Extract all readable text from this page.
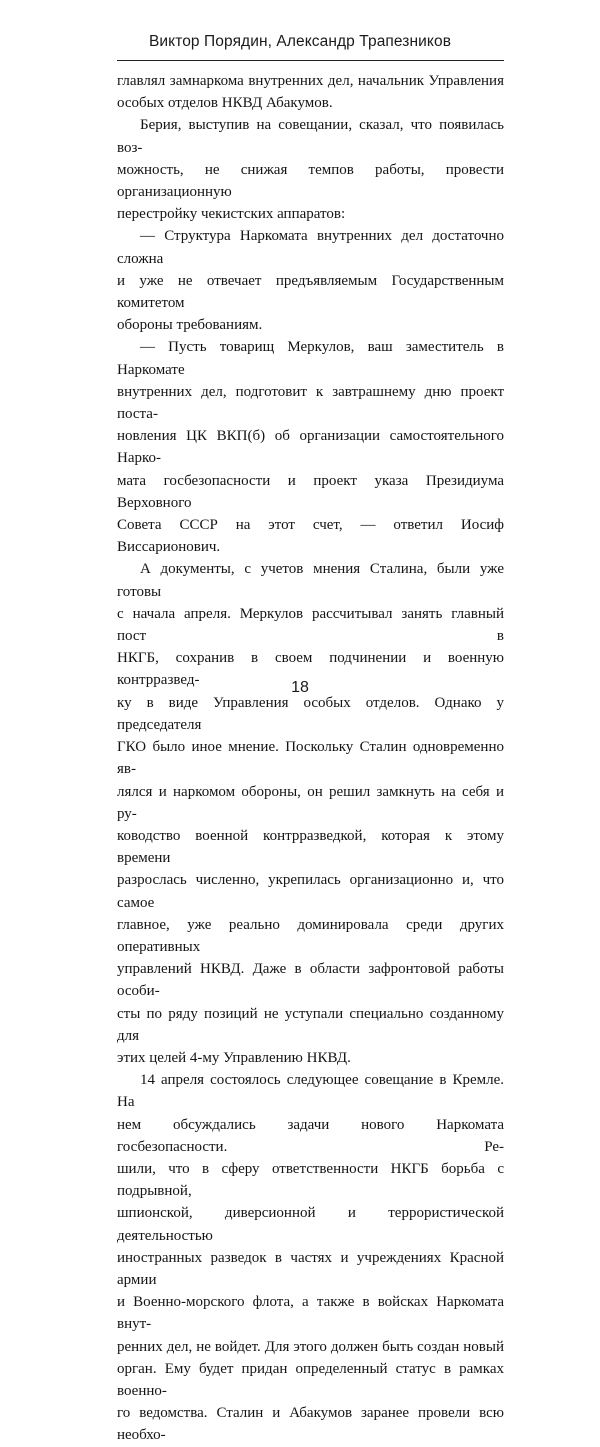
Виктор Порядин, Александр Трапезников

главлял замнаркома внутренних дел, начальник Управления

особых отделов НКВД Абакумов.

Берия, выступив на совещании, сказал, что появилась воз-

можность, не снижая темпов работы, провести организационную

перестройку чекистских аппаратов:

— Структура Наркомата внутренних дел достаточно сложна

и уже не отвечает предъявляемым Государственным комитетом

обороны требованиям.

— Пусть товарищ Меркулов, ваш заместитель в Наркомате

внутренних дел, подготовит к завтрашнему дню проект поста-

новления ЦК ВКП(б) об организации самостоятельного Нарко-

мата госбезопасности и проект указа Президиума Верховного

Совета СССР на этот счет, — ответил Иосиф Виссарионович.

А документы, с учетов мнения Сталина, были уже готовы

с начала апреля. Меркулов рассчитывал занять главный пост в

НКГБ, сохранив в своем подчинении и военную контрразвед-

ку в виде Управления особых отделов. Однако у председателя

ГКО было иное мнение. Поскольку Сталин одновременно яв-

лялся и наркомом обороны, он решил замкнуть на себя и ру-

ководство военной контрразведкой, которая к этому времени

разрослась численно, укрепилась организационно и, что самое

главное, уже реально доминировала среди других оперативных

управлений НКВД. Даже в области зафронтовой работы особи-

сты по ряду позиций не уступали специально созданному для

этих целей 4-му Управлению НКВД.

14 апреля состоялось следующее совещание в Кремле. На

нем обсуждались задачи нового Наркомата госбезопасности. Ре-

шили, что в сферу ответственности НКГБ борьба с подрывной,

шпионской, диверсионной и террористической деятельностью

иностранных разведок в частях и учреждениях Красной армии

и Военно-морского флота, а также в войсках Наркомата внут-

ренних дел, не войдет. Для этого должен быть создан новый

орган. Ему будет придан определенный статус в рамках военно-

го ведомства. Сталин и Абакумов заранее провели всю необхо-

18
